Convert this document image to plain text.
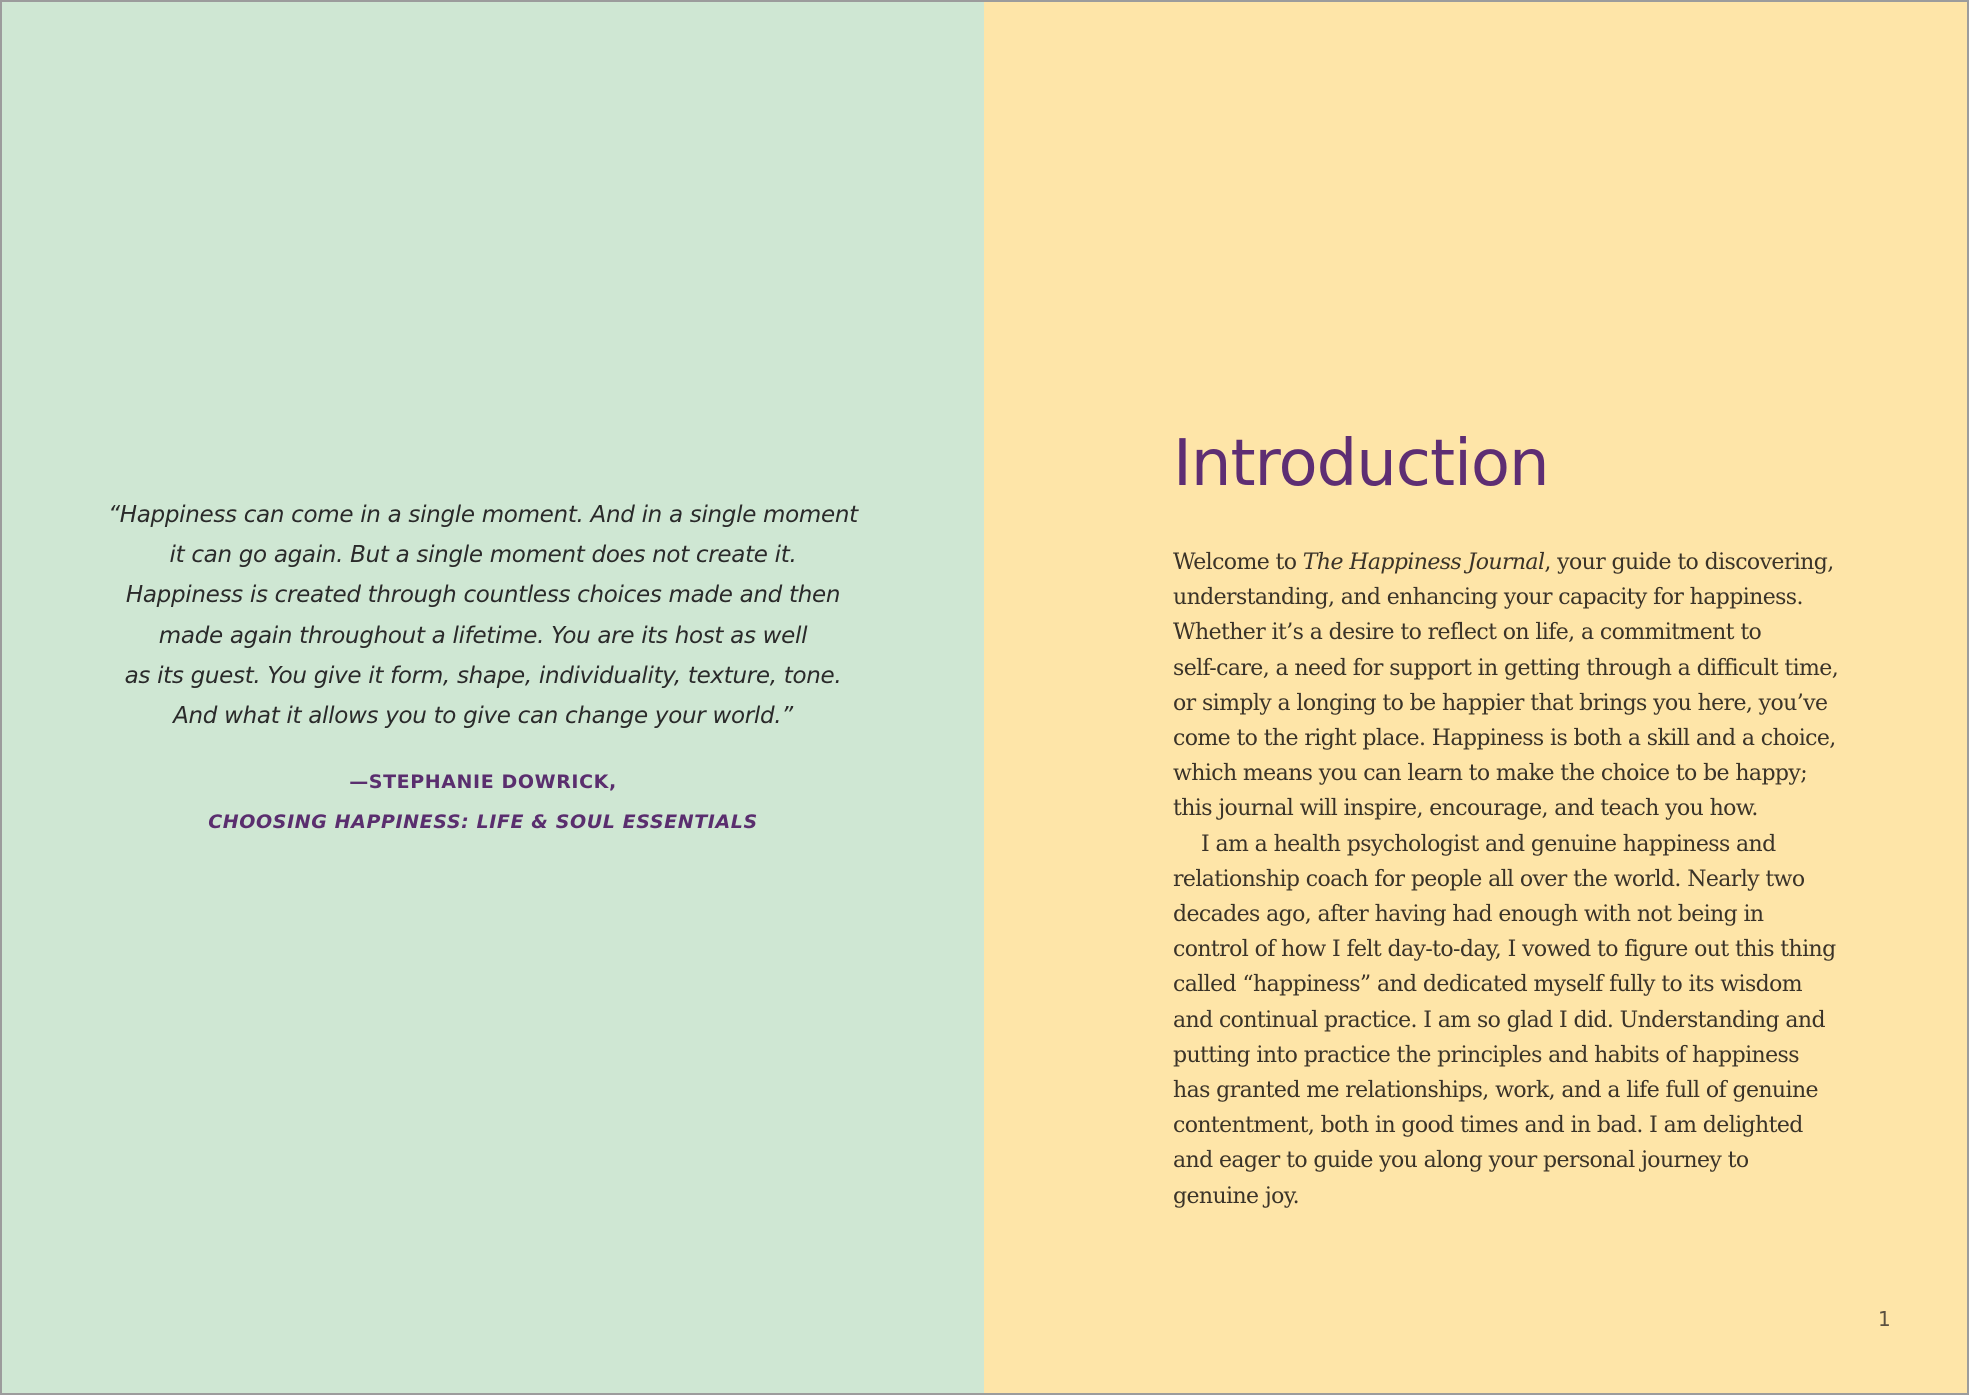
“Happiness can come in a single moment. And in a single moment
it can go again. But a single moment does not create it.
Happiness is created through countless choices made and then
made again throughout a lifetime. You are its host as well
as its guest. You give it form, shape, individuality, texture, tone.
And what it allows you to give can change your world.”
—STEPHANIE DOWRICK,
CHOOSING HAPPINESS: LIFE & SOUL ESSENTIALS
Introduction
Welcome to The Happiness Journal, your guide to discovering,
understanding, and enhancing your capacity for happiness.
Whether it’s a desire to reflect on life, a commitment to
self-care, a need for support in getting through a difficult time,
or simply a longing to be happier that brings you here, you’ve
come to the right place. Happiness is both a skill and a choice,
which means you can learn to make the choice to be happy;
this journal will inspire, encourage, and teach you how.
I am a health psychologist and genuine happiness and
relationship coach for people all over the world. Nearly two
decades ago, after having had enough with not being in
control of how I felt day-to-day, I vowed to figure out this thing
called “happiness” and dedicated myself fully to its wisdom
and continual practice. I am so glad I did. Understanding and
putting into practice the principles and habits of happiness
has granted me relationships, work, and a life full of genuine
contentment, both in good times and in bad. I am delighted
and eager to guide you along your personal journey to
genuine joy.
1
